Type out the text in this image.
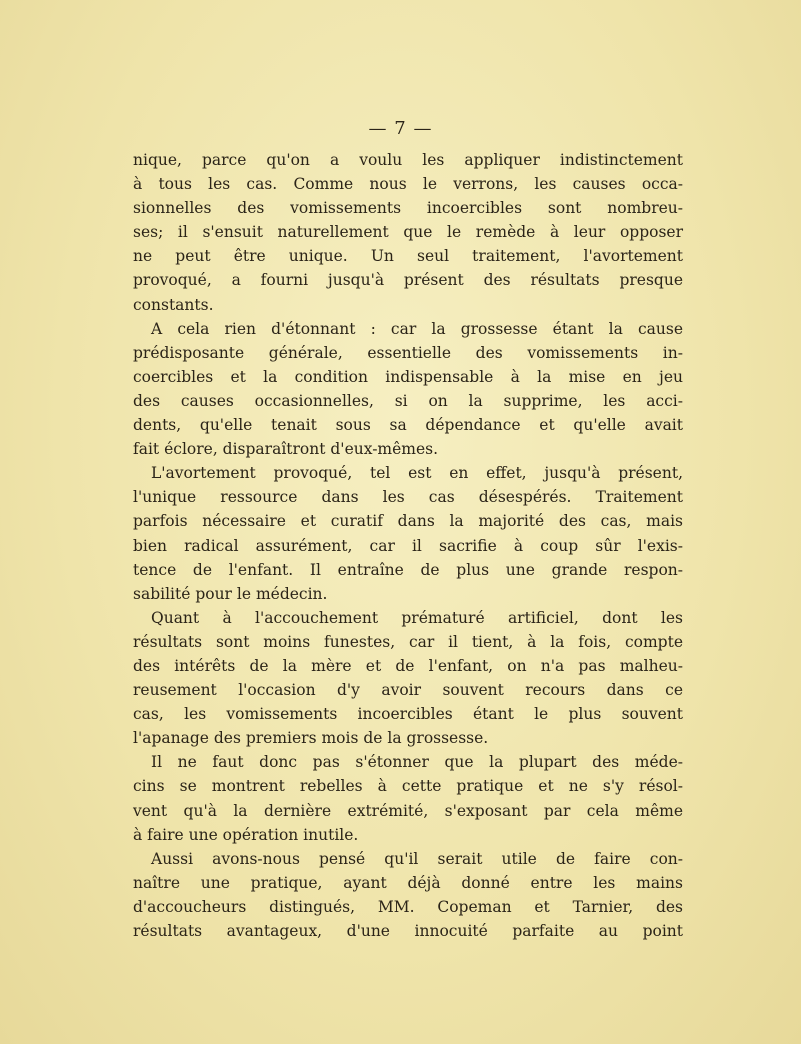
— 7 —
nique, parce qu'on a voulu les appliquer indistinctement
à tous les cas. Comme nous le verrons, les causes occa-
sionnelles des vomissements incoercibles sont nombreu-
ses; il s'ensuit naturellement que le remède à leur opposer
ne peut être unique. Un seul traitement, l'avortement
provoqué, a fourni jusqu'à présent des résultats presque
constants.
A cela rien d'étonnant : car la grossesse étant la cause
prédisposante générale, essentielle des vomissements in-
coercibles et la condition indispensable à la mise en jeu
des causes occasionnelles, si on la supprime, les acci-
dents, qu'elle tenait sous sa dépendance et qu'elle avait
fait éclore, disparaîtront d'eux-mêmes.
L'avortement provoqué, tel est en effet, jusqu'à présent,
l'unique ressource dans les cas désespérés. Traitement
parfois nécessaire et curatif dans la majorité des cas, mais
bien radical assurément, car il sacrifie à coup sûr l'exis-
tence de l'enfant. Il entraîne de plus une grande respon-
sabilité pour le médecin.
Quant à l'accouchement prématuré artificiel, dont les
résultats sont moins funestes, car il tient, à la fois, compte
des intérêts de la mère et de l'enfant, on n'a pas malheu-
reusement l'occasion d'y avoir souvent recours dans ce
cas, les vomissements incoercibles étant le plus souvent
l'apanage des premiers mois de la grossesse.
Il ne faut donc pas s'étonner que la plupart des méde-
cins se montrent rebelles à cette pratique et ne s'y résol-
vent qu'à la dernière extrémité, s'exposant par cela même
à faire une opération inutile.
Aussi avons-nous pensé qu'il serait utile de faire con-
naître une pratique, ayant déjà donné entre les mains
d'accoucheurs distingués, MM. Copeman et Tarnier, des
résultats avantageux, d'une innocuité parfaite au point
